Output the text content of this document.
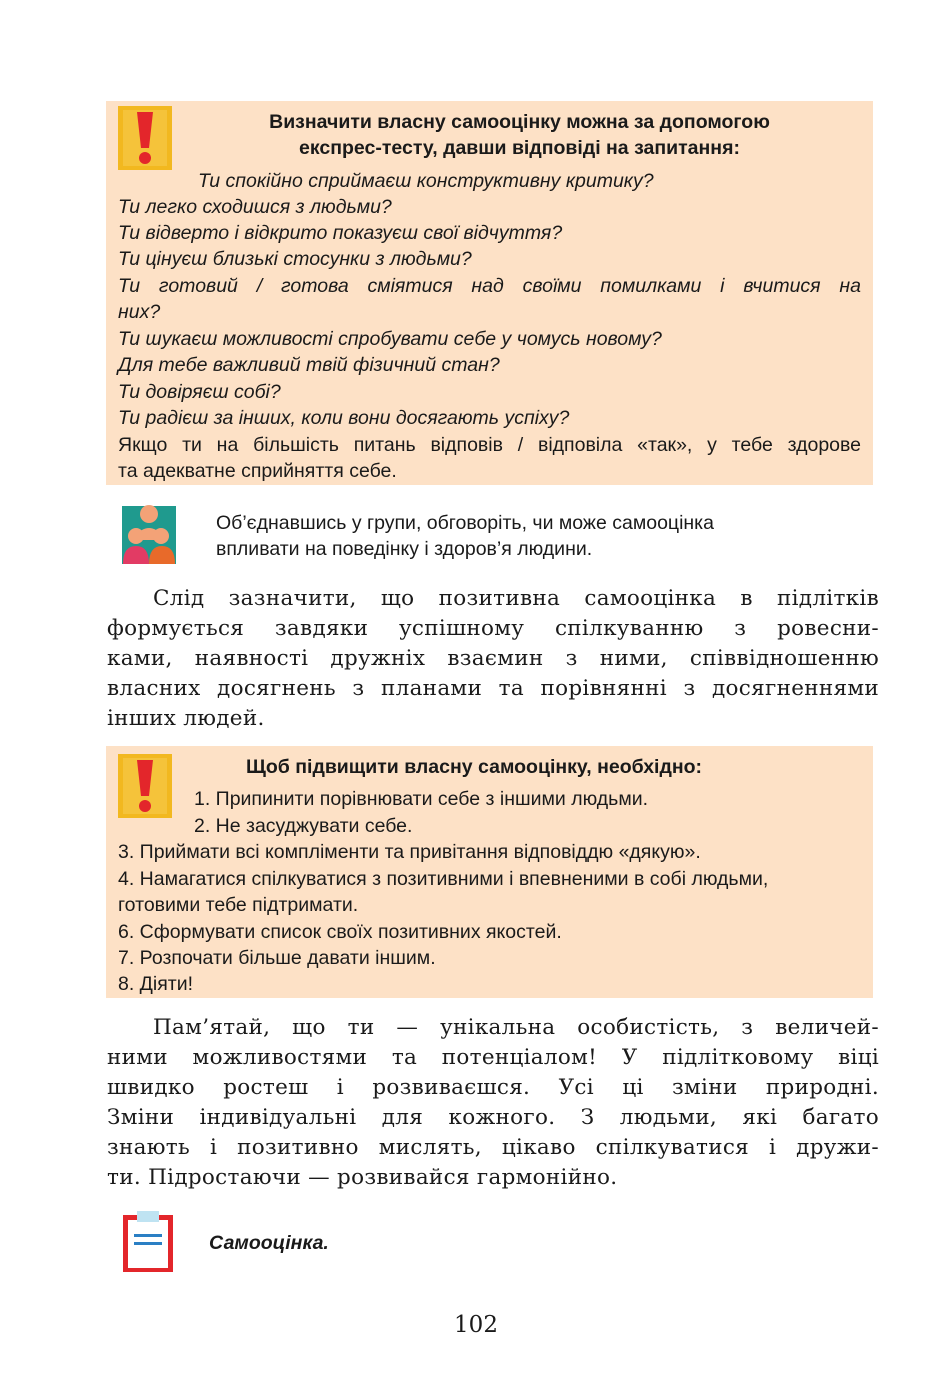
Визначити власну самооцінку можна за допомогою
експрес-тесту, давши відповіді на запитання:
Ти спокійно сприймаєш конструктивну критику?
Ти легко сходишся з людьми?
Ти відверто і відкрито показуєш свої відчуття?
Ти цінуєш близькі стосунки з людьми?
Ти готовий / готова сміятися над своїми помилками і вчитися на
них?
Ти шукаєш можливості спробувати себе у чомусь новому?
Для тебе важливий твій фізичний стан?
Ти довіряєш собі?
Ти радієш за інших, коли вони досягають успіху?
Якщо ти на більшість питань відповів / відповіла «так», у тебе здорове
та адекватне сприйняття себе.
Об’єднавшись у групи, обговоріть, чи може самооцінка
впливати на поведінку і здоров’я людини.
Слід зазначити, що позитивна самооцінка в підлітків
формується завдяки успішному спілкуванню з ровесни-
ками, наявності дружніх взаємин з ними, співвідношенню
власних досягнень з планами та порівнянні з досягненнями
інших людей.
Щоб підвищити власну самооцінку, необхідно:
1. Припинити порівнювати себе з іншими людьми.
2. Не засуджувати себе.
3. Приймати всі компліменти та привітання відповіддю «дякую».
4. Намагатися спілкуватися з позитивними і впевненими в собі людьми,
готовими тебе підтримати.
6. Сформувати список своїх позитивних якостей.
7. Розпочати більше давати іншим.
8. Діяти!
Пам’ятай, що ти — унікальна особистість, з величей-
ними можливостями та потенціалом! У підлітковому віці
швидко ростеш і розвиваєшся. Усі ці зміни природні.
Зміни індивідуальні для кожного. З людьми, які багато
знають і позитивно мислять, цікаво спілкуватися і дружи-
ти. Підростаючи — розвивайся гармонійно.
Самооцінка.
102
